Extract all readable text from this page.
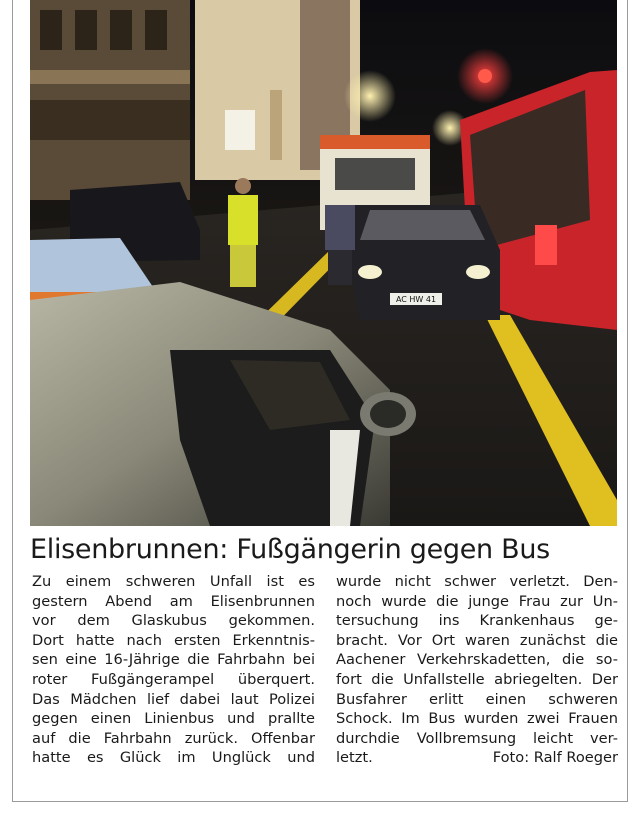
AC HW 41
Elisenbrunnen: Fußgängerin gegen Bus
Zu einem schweren Unfall ist es
gestern Abend am Elisenbrunnen
vor dem Glaskubus gekommen.
Dort hatte nach ersten Erkenntnis-
sen eine 16-Jährige die Fahrbahn bei
roter Fußgängerampel überquert.
Das Mädchen lief dabei laut Polizei
gegen einen Linienbus und prallte
auf die Fahrbahn zurück. Offenbar
hatte es Glück im Unglück und
wurde nicht schwer verletzt. Den-
noch wurde die junge Frau zur Un-
tersuchung ins Krankenhaus ge-
bracht. Vor Ort waren zunächst die
Aachener Verkehrskadetten, die so-
fort die Unfallstelle abriegelten. Der
Busfahrer erlitt einen schweren
Schock. Im Bus wurden zwei Frauen
durchdie Vollbremsung leicht ver-
letzt.	Foto: Ralf Roeger
